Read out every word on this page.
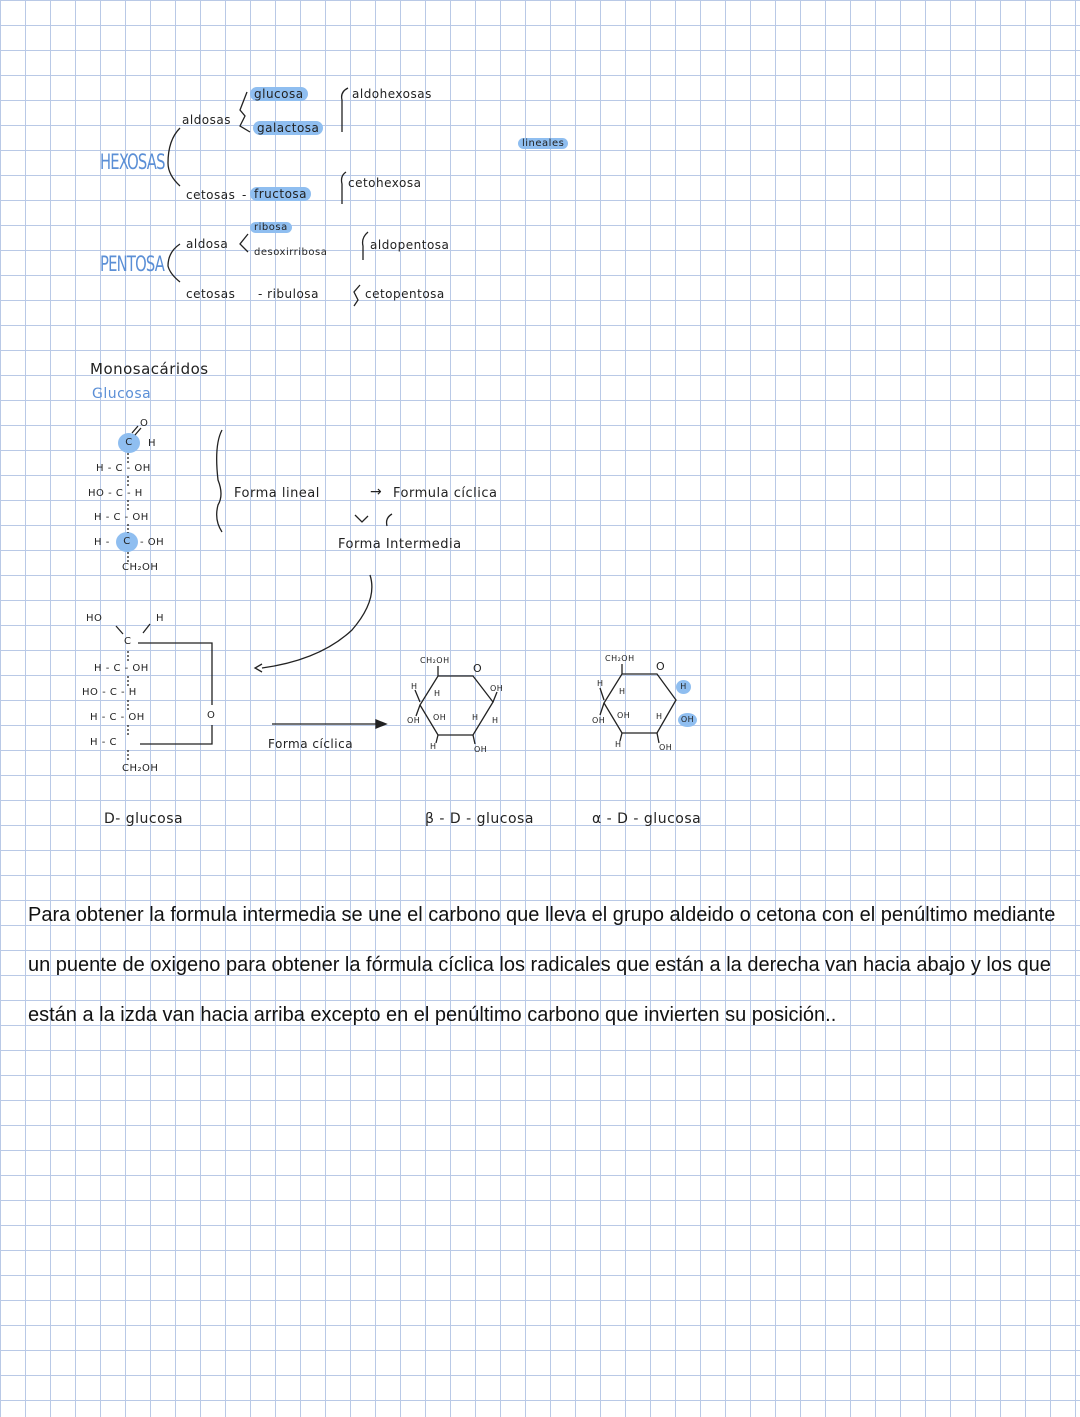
HEXOSAS
aldosas
glucosa
galactosa
aldohexosas
cetosas - fructosa
cetohexosa
lineales
PENTOSA
aldosa
ribosa
desoxirribosa
aldopentosa
cetosas - ribulosa	cetopentosa
Monosacáridos
Glucosa
O
C	H
H - C - OH
HO - C - H
H - C - OH
H -	C - OH
CH₂OH
Forma lineal	→ Formula cíclica
Forma Intermedia
HO	H
C
H - C - OH
HO - C - H
H - C - OH
H - C
O
CH₂OH
Forma cíclica
CH₂OH
O
H
H
OH
OH OH	H H
H	OH
CH₂OH
O
H
H
H
OH
OH	H	OH
H	OH
D- glucosa	β - D - glucosa	α - D - glucosa

Para obtener la formula intermedia se une el carbono que lleva el grupo aldeido o cetona con el penúltimo mediante un puente de oxigeno para obtener la fórmula cíclica los radicales que están a la derecha van hacia abajo y los que están a la izda van hacia arriba excepto en el penúltimo carbono que invierten su posición..
